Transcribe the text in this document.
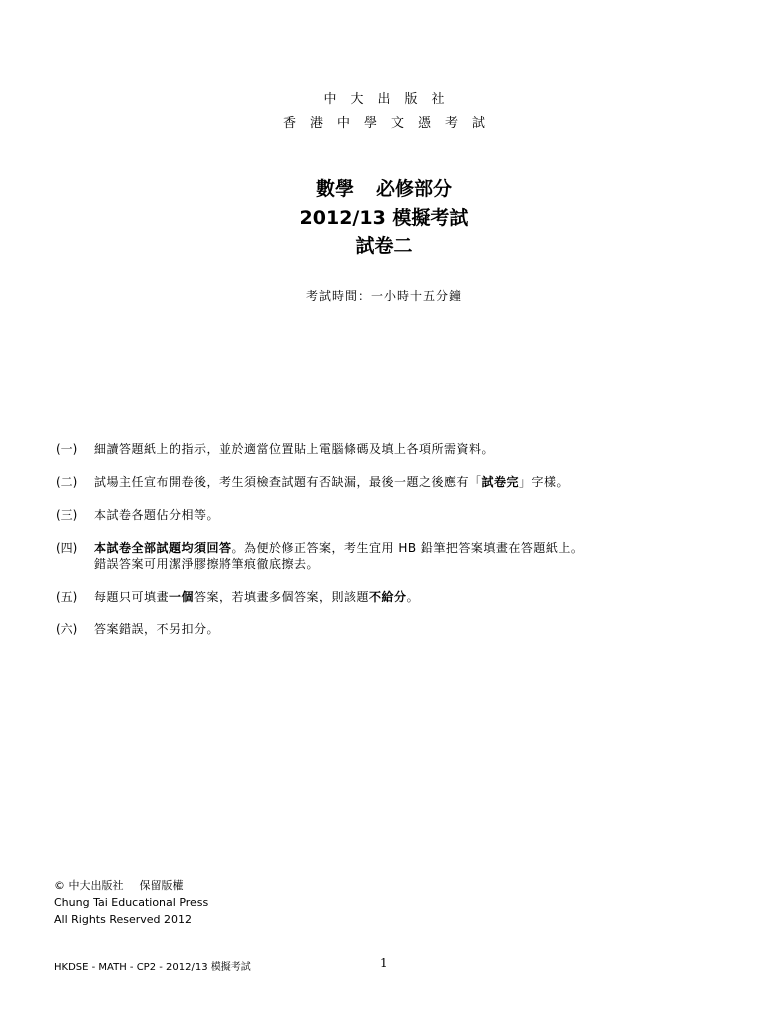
中大出版社
香港中學文憑考試
數學 必修部分
2012/13 模擬考試
試卷二
考試時間：一小時十五分鐘
(一)	細讀答題紙上的指示，並於適當位置貼上電腦條碼及填上各項所需資料。
(二)	試場主任宣布開卷後，考生須檢查試題有否缺漏，最後一題之後應有「試卷完」字樣。
(三)	本試卷各題佔分相等。
(四)	本試卷全部試題均須回答。為便於修正答案，考生宜用 HB 鉛筆把答案填畫在答題紙上。
錯誤答案可用潔淨膠擦將筆痕徹底擦去。
(五)	每題只可填畫一個答案，若填畫多個答案，則該題不給分。
(六)	答案錯誤，不另扣分。
© 中大出版社 保留版權
Chung Tai Educational Press
All Rights Reserved 2012
HKDSE - MATH - CP2 - 2012/13 模擬考試	1
